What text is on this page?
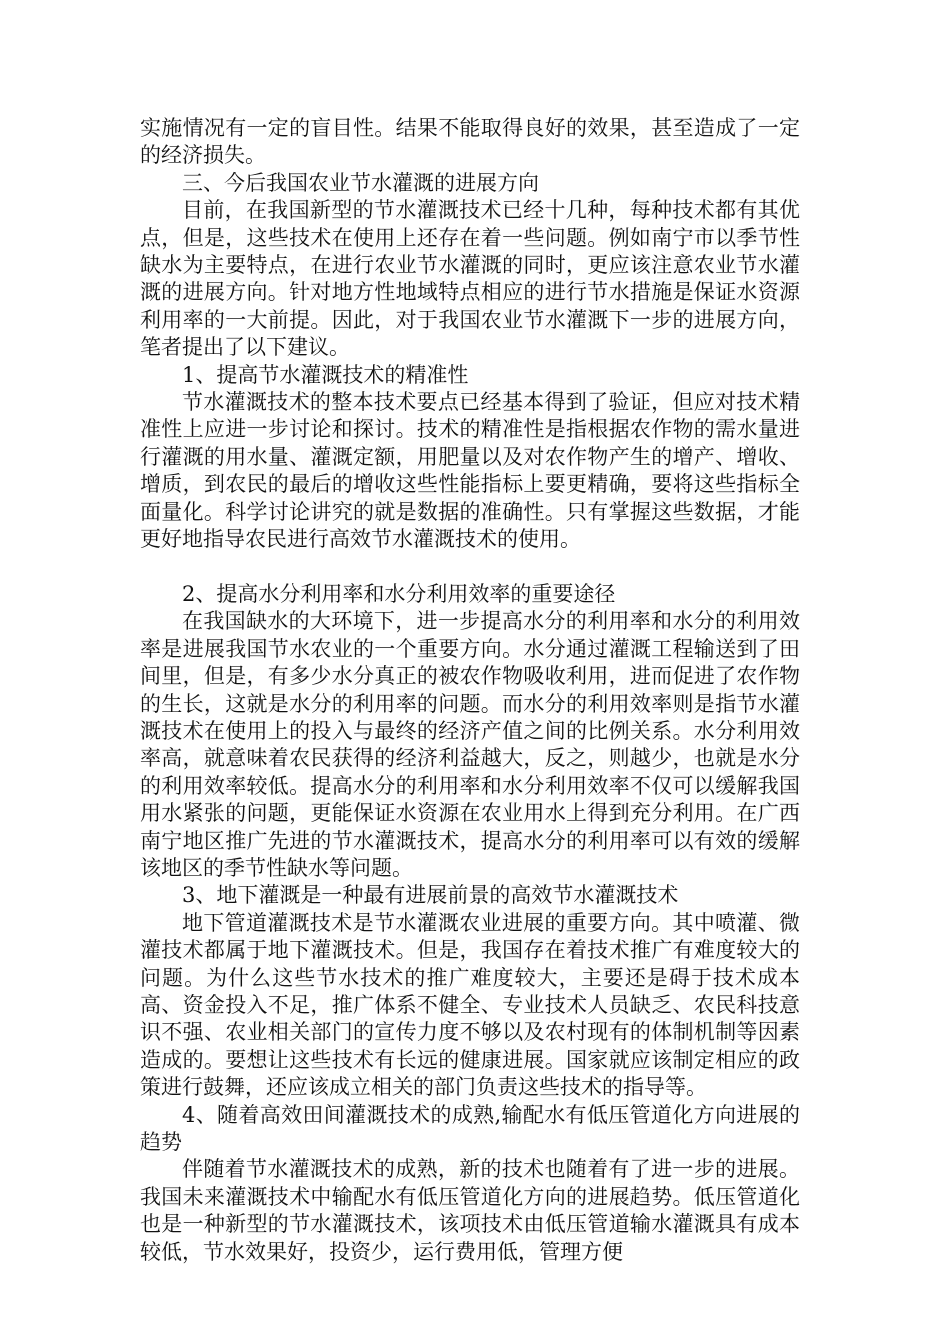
实施情况有一定的盲目性。结果不能取得良好的效果，甚至造成了一定的经济损失。

三、今后我国农业节水灌溉的进展方向

目前，在我国新型的节水灌溉技术已经十几种，每种技术都有其优点，但是，这些技术在使用上还存在着一些问题。例如南宁市以季节性缺水为主要特点，在进行农业节水灌溉的同时，更应该注意农业节水灌溉的进展方向。针对地方性地域特点相应的进行节水措施是保证水资源利用率的一大前提。因此，对于我国农业节水灌溉下一步的进展方向，笔者提出了以下建议。

1、提高节水灌溉技术的精准性

节水灌溉技术的整本技术要点已经基本得到了验证，但应对技术精准性上应进一步讨论和探讨。技术的精准性是指根据农作物的需水量进行灌溉的用水量、灌溉定额，用肥量以及对农作物产生的增产、增收、增质，到农民的最后的增收这些性能指标上要更精确，要将这些指标全面量化。科学讨论讲究的就是数据的准确性。只有掌握这些数据，才能更好地指导农民进行高效节水灌溉技术的使用。

2、提高水分利用率和水分利用效率的重要途径

在我国缺水的大环境下，进一步提高水分的利用率和水分的利用效率是进展我国节水农业的一个重要方向。水分通过灌溉工程输送到了田间里，但是，有多少水分真正的被农作物吸收利用，进而促进了农作物的生长，这就是水分的利用率的问题。而水分的利用效率则是指节水灌溉技术在使用上的投入与最终的经济产值之间的比例关系。水分利用效率高，就意味着农民获得的经济利益越大，反之，则越少，也就是水分的利用效率较低。提高水分的利用率和水分利用效率不仅可以缓解我国用水紧张的问题，更能保证水资源在农业用水上得到充分利用。在广西南宁地区推广先进的节水灌溉技术，提高水分的利用率可以有效的缓解该地区的季节性缺水等问题。

3、地下灌溉是一种最有进展前景的高效节水灌溉技术

地下管道灌溉技术是节水灌溉农业进展的重要方向。其中喷灌、微灌技术都属于地下灌溉技术。但是，我国存在着技术推广有难度较大的问题。为什么这些节水技术的推广难度较大，主要还是碍于技术成本高、资金投入不足，推广体系不健全、专业技术人员缺乏、农民科技意识不强、农业相关部门的宣传力度不够以及农村现有的体制机制等因素造成的。要想让这些技术有长远的健康进展。国家就应该制定相应的政策进行鼓舞，还应该成立相关的部门负责这些技术的指导等。

4、随着高效田间灌溉技术的成熟,输配水有低压管道化方向进展的趋势

伴随着节水灌溉技术的成熟，新的技术也随着有了进一步的进展。我国未来灌溉技术中输配水有低压管道化方向的进展趋势。低压管道化也是一种新型的节水灌溉技术，该项技术由低压管道输水灌溉具有成本较低，节水效果好，投资少，运行费用低，管理方便
